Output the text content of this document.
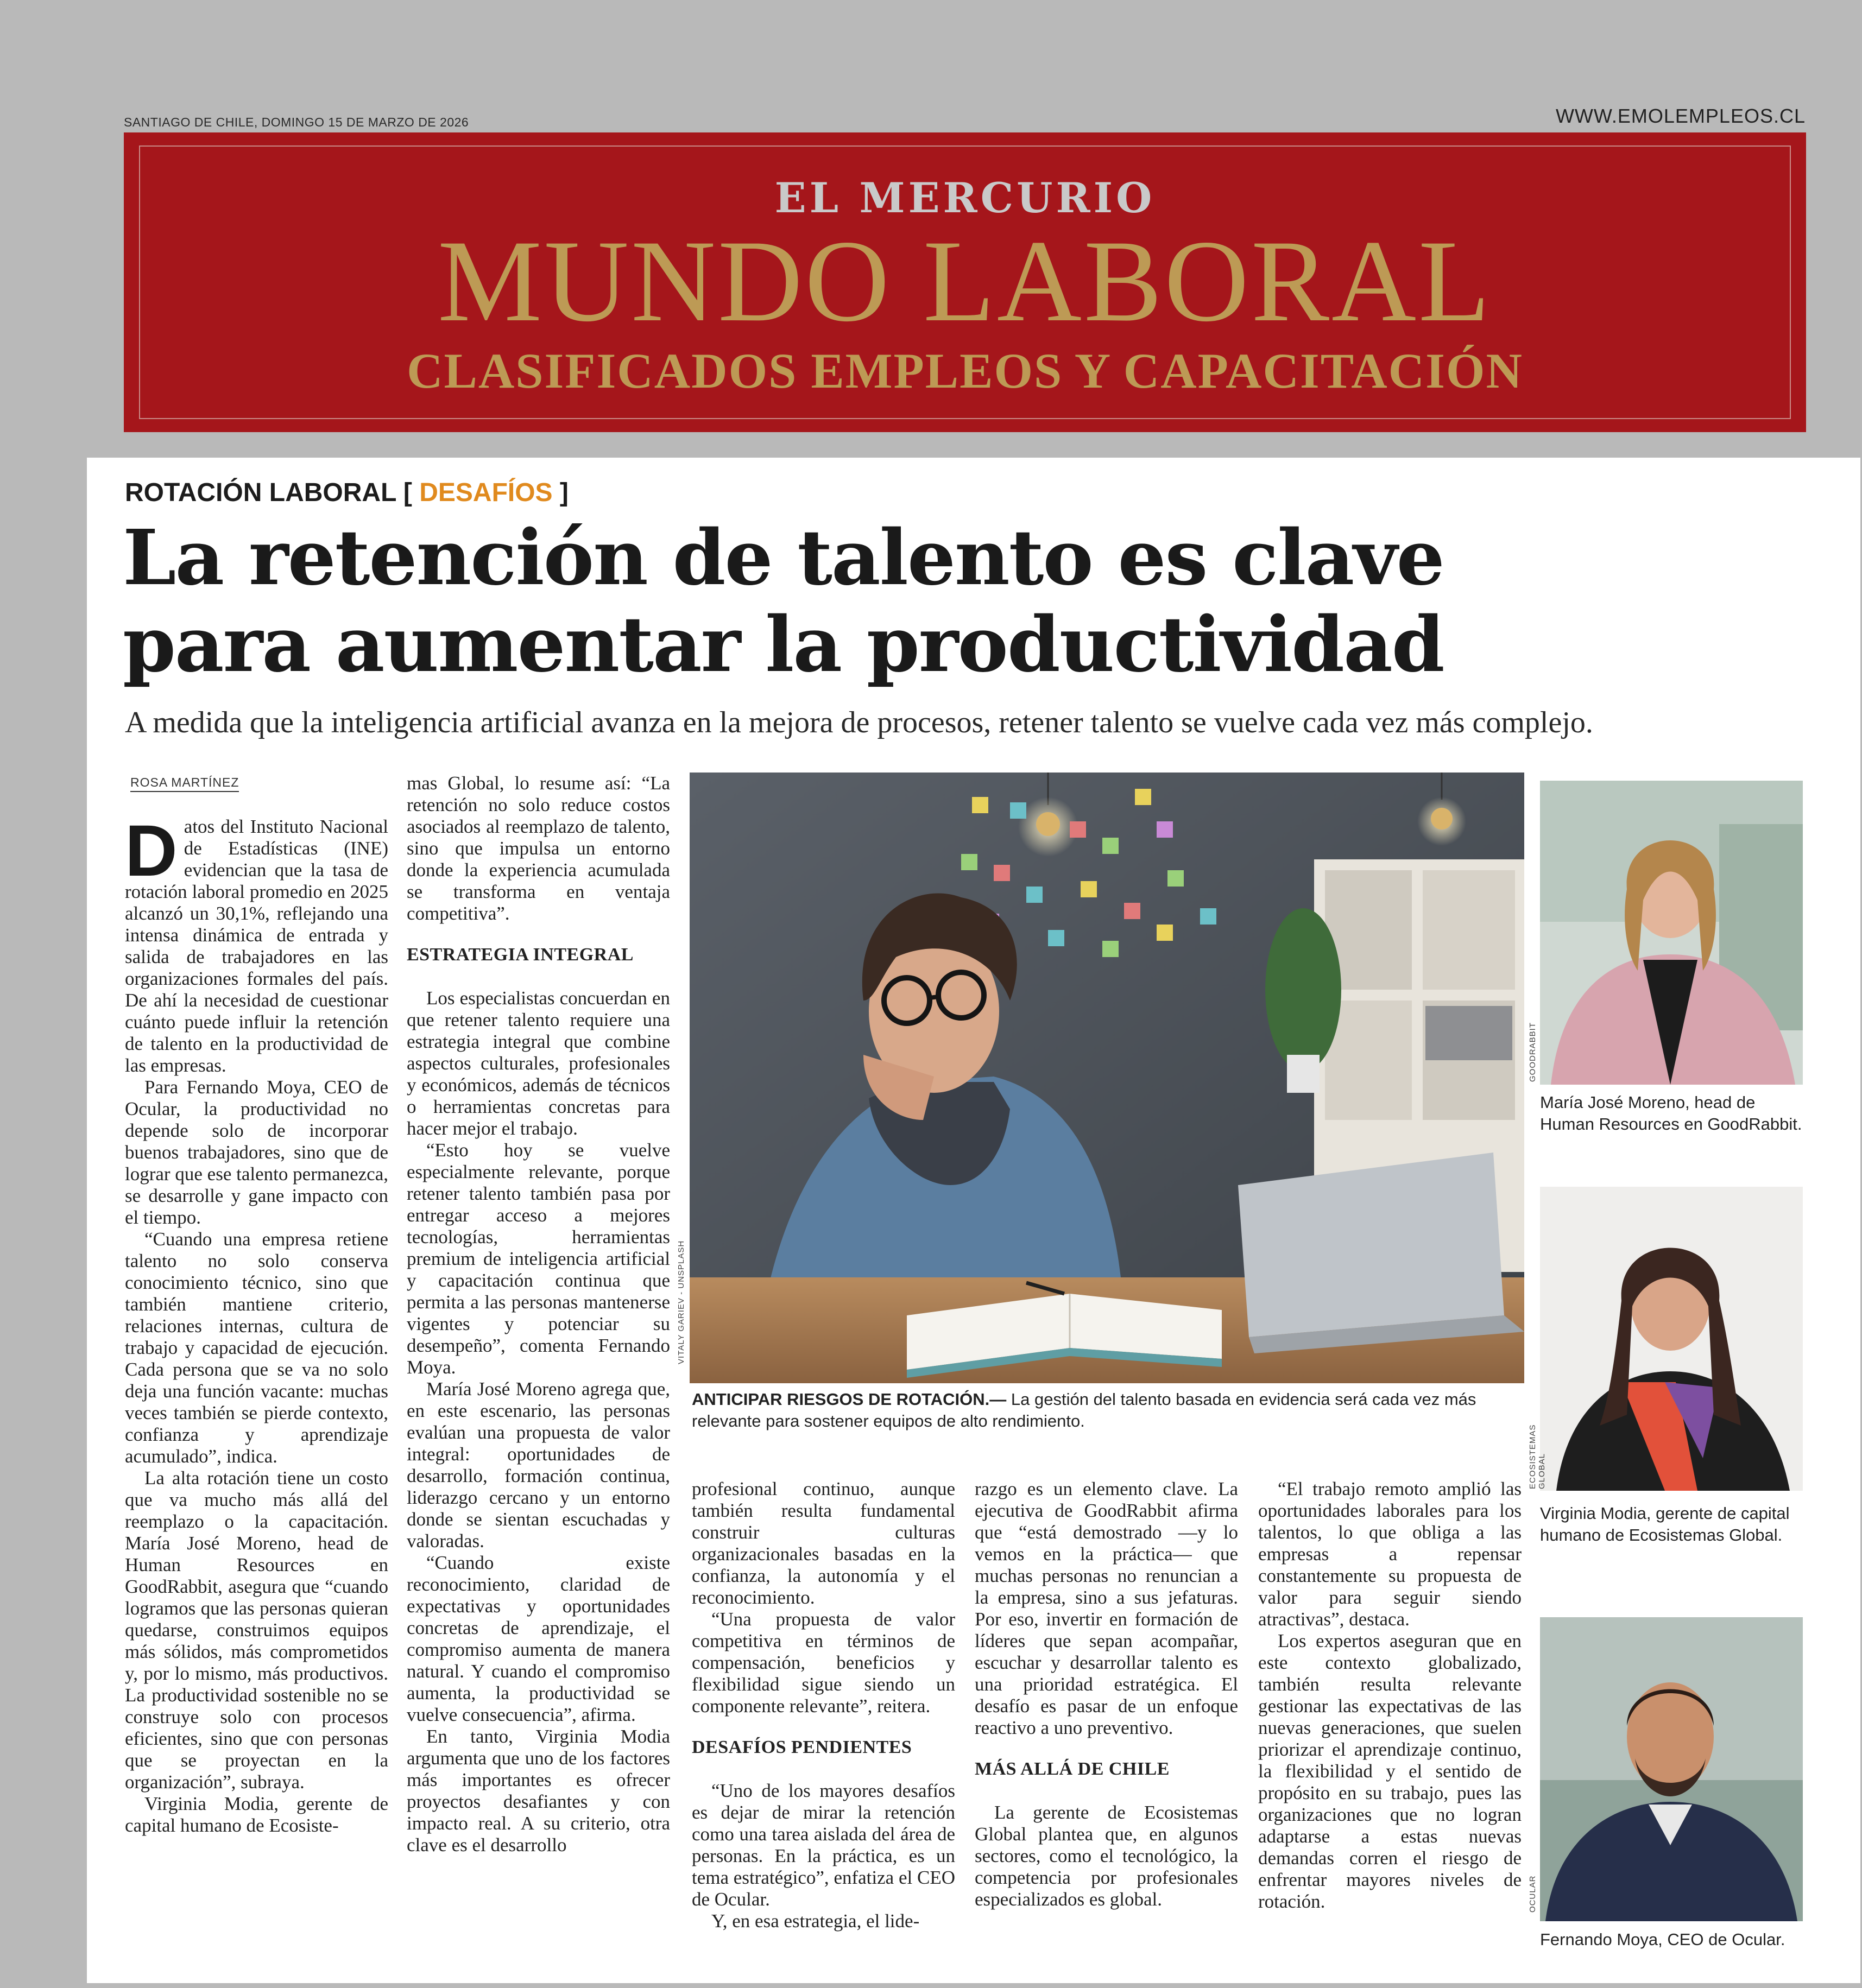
SANTIAGO DE CHILE, DOMINGO 15 DE MARZO DE 2026	WWW.EMOLEMPLEOS.CL
EL MERCURIO
MUNDO LABORAL
CLASIFICADOS EMPLEOS Y CAPACITACIÓN
ROTACIÓN LABORAL [ DESAFÍOS ]
La retención de talento es clave
para aumentar la productividad
A medida que la inteligencia artificial avanza en la mejora de procesos, retener talento se vuelve cada vez más complejo.
ROSA MARTÍNEZ

Datos del Instituto Nacional de Estadísticas (INE) evidencian que la tasa de rotación laboral promedio en 2025 alcanzó un 30,1%, reflejando una intensa dinámica de entrada y salida de trabajadores en las organizaciones formales del país. De ahí la necesidad de cuestionar cuánto puede influir la retención de talento en la productividad de las empresas.

Para Fernando Moya, CEO de Ocular, la productividad no depende solo de incorporar buenos trabajadores, sino que de lograr que ese talento permanezca, se desarrolle y gane impacto con el tiempo.

“Cuando una empresa retiene talento no solo conserva conocimiento técnico, sino que también mantiene criterio, relaciones internas, cultura de trabajo y capacidad de ejecución. Cada persona que se va no solo deja una función vacante: muchas veces también se pierde contexto, confianza y aprendizaje acumulado”, indica.

La alta rotación tiene un costo que va mucho más allá del reemplazo o la capacitación. María José Moreno, head de Human Resources en GoodRabbit, asegura que “cuando logramos que las personas quieran quedarse, construimos equipos más sólidos, más comprometidos y, por lo mismo, más productivos. La productividad sostenible no se construye solo con procesos eficientes, sino que con personas que se proyectan en la organización”, subraya.

Virginia Modia, gerente de capital humano de Ecosiste-

mas Global, lo resume así: “La retención no solo reduce costos asociados al reemplazo de talento, sino que impulsa un entorno donde la experiencia acumulada se transforma en ventaja competitiva”.

ESTRATEGIA INTEGRAL

Los especialistas concuerdan en que retener talento requiere una estrategia integral que combine aspectos culturales, profesionales y económicos, además de técnicos o herramientas concretas para hacer mejor el trabajo.

“Esto hoy se vuelve especialmente relevante, porque retener talento también pasa por entregar acceso a mejores tecnologías, herramientas premium de inteligencia artificial y capacitación continua que permita a las personas mantenerse vigentes y potenciar su desempeño”, comenta Fernando Moya.

María José Moreno agrega que, en este escenario, las personas evalúan una propuesta de valor integral: oportunidades de desarrollo, formación continua, liderazgo cercano y un entorno donde se sientan escuchadas y valoradas.

“Cuando existe reconocimiento, claridad de expectativas y oportunidades concretas de aprendizaje, el compromiso aumenta de manera natural. Y cuando el compromiso aumenta, la productividad se vuelve consecuencia”, afirma.

En tanto, Virginia Modia argumenta que uno de los factores más importantes es ofrecer proyectos desafiantes y con impacto real. A su criterio, otra clave es el desarrollo

VITALY GARIEV - UNSPLASH
ANTICIPAR RIESGOS DE ROTACIÓN.— La gestión del talento basada en evidencia será cada vez más relevante para sostener equipos de alto rendimiento.

profesional continuo, aunque también resulta fundamental construir culturas organizacionales basadas en la confianza, la autonomía y el reconocimiento.

“Una propuesta de valor competitiva en términos de compensación, beneficios y flexibilidad sigue siendo un componente relevante”, reitera.

DESAFÍOS PENDIENTES

“Uno de los mayores desafíos es dejar de mirar la retención como una tarea aislada del área de personas. En la práctica, es un tema estratégico”, enfatiza el CEO de Ocular.

Y, en esa estrategia, el lide-

razgo es un elemento clave. La ejecutiva de GoodRabbit afirma que “está demostrado —y lo vemos en la práctica— que muchas personas no renuncian a la empresa, sino a sus jefaturas. Por eso, invertir en formación de líderes que sepan acompañar, escuchar y desarrollar talento es una prioridad estratégica. El desafío es pasar de un enfoque reactivo a uno preventivo.

MÁS ALLÁ DE CHILE

La gerente de Ecosistemas Global plantea que, en algunos sectores, como el tecnológico, la competencia por profesionales especializados es global.

“El trabajo remoto amplió las oportunidades laborales para los talentos, lo que obliga a las empresas a repensar constantemente su propuesta de valor para seguir siendo atractivas”, destaca.

Los expertos aseguran que en este contexto globalizado, también resulta relevante gestionar las expectativas de las nuevas generaciones, que suelen priorizar el aprendizaje continuo, la flexibilidad y el sentido de propósito en su trabajo, pues las organizaciones que no logran adaptarse a estas nuevas demandas corren el riesgo de enfrentar mayores niveles de rotación.

GOODRABBIT
María José Moreno, head de Human Resources en GoodRabbit.
ECOSISTEMAS GLOBAL
Virginia Modia, gerente de capital humano de Ecosistemas Global.
OCULAR
Fernando Moya, CEO de Ocular.
